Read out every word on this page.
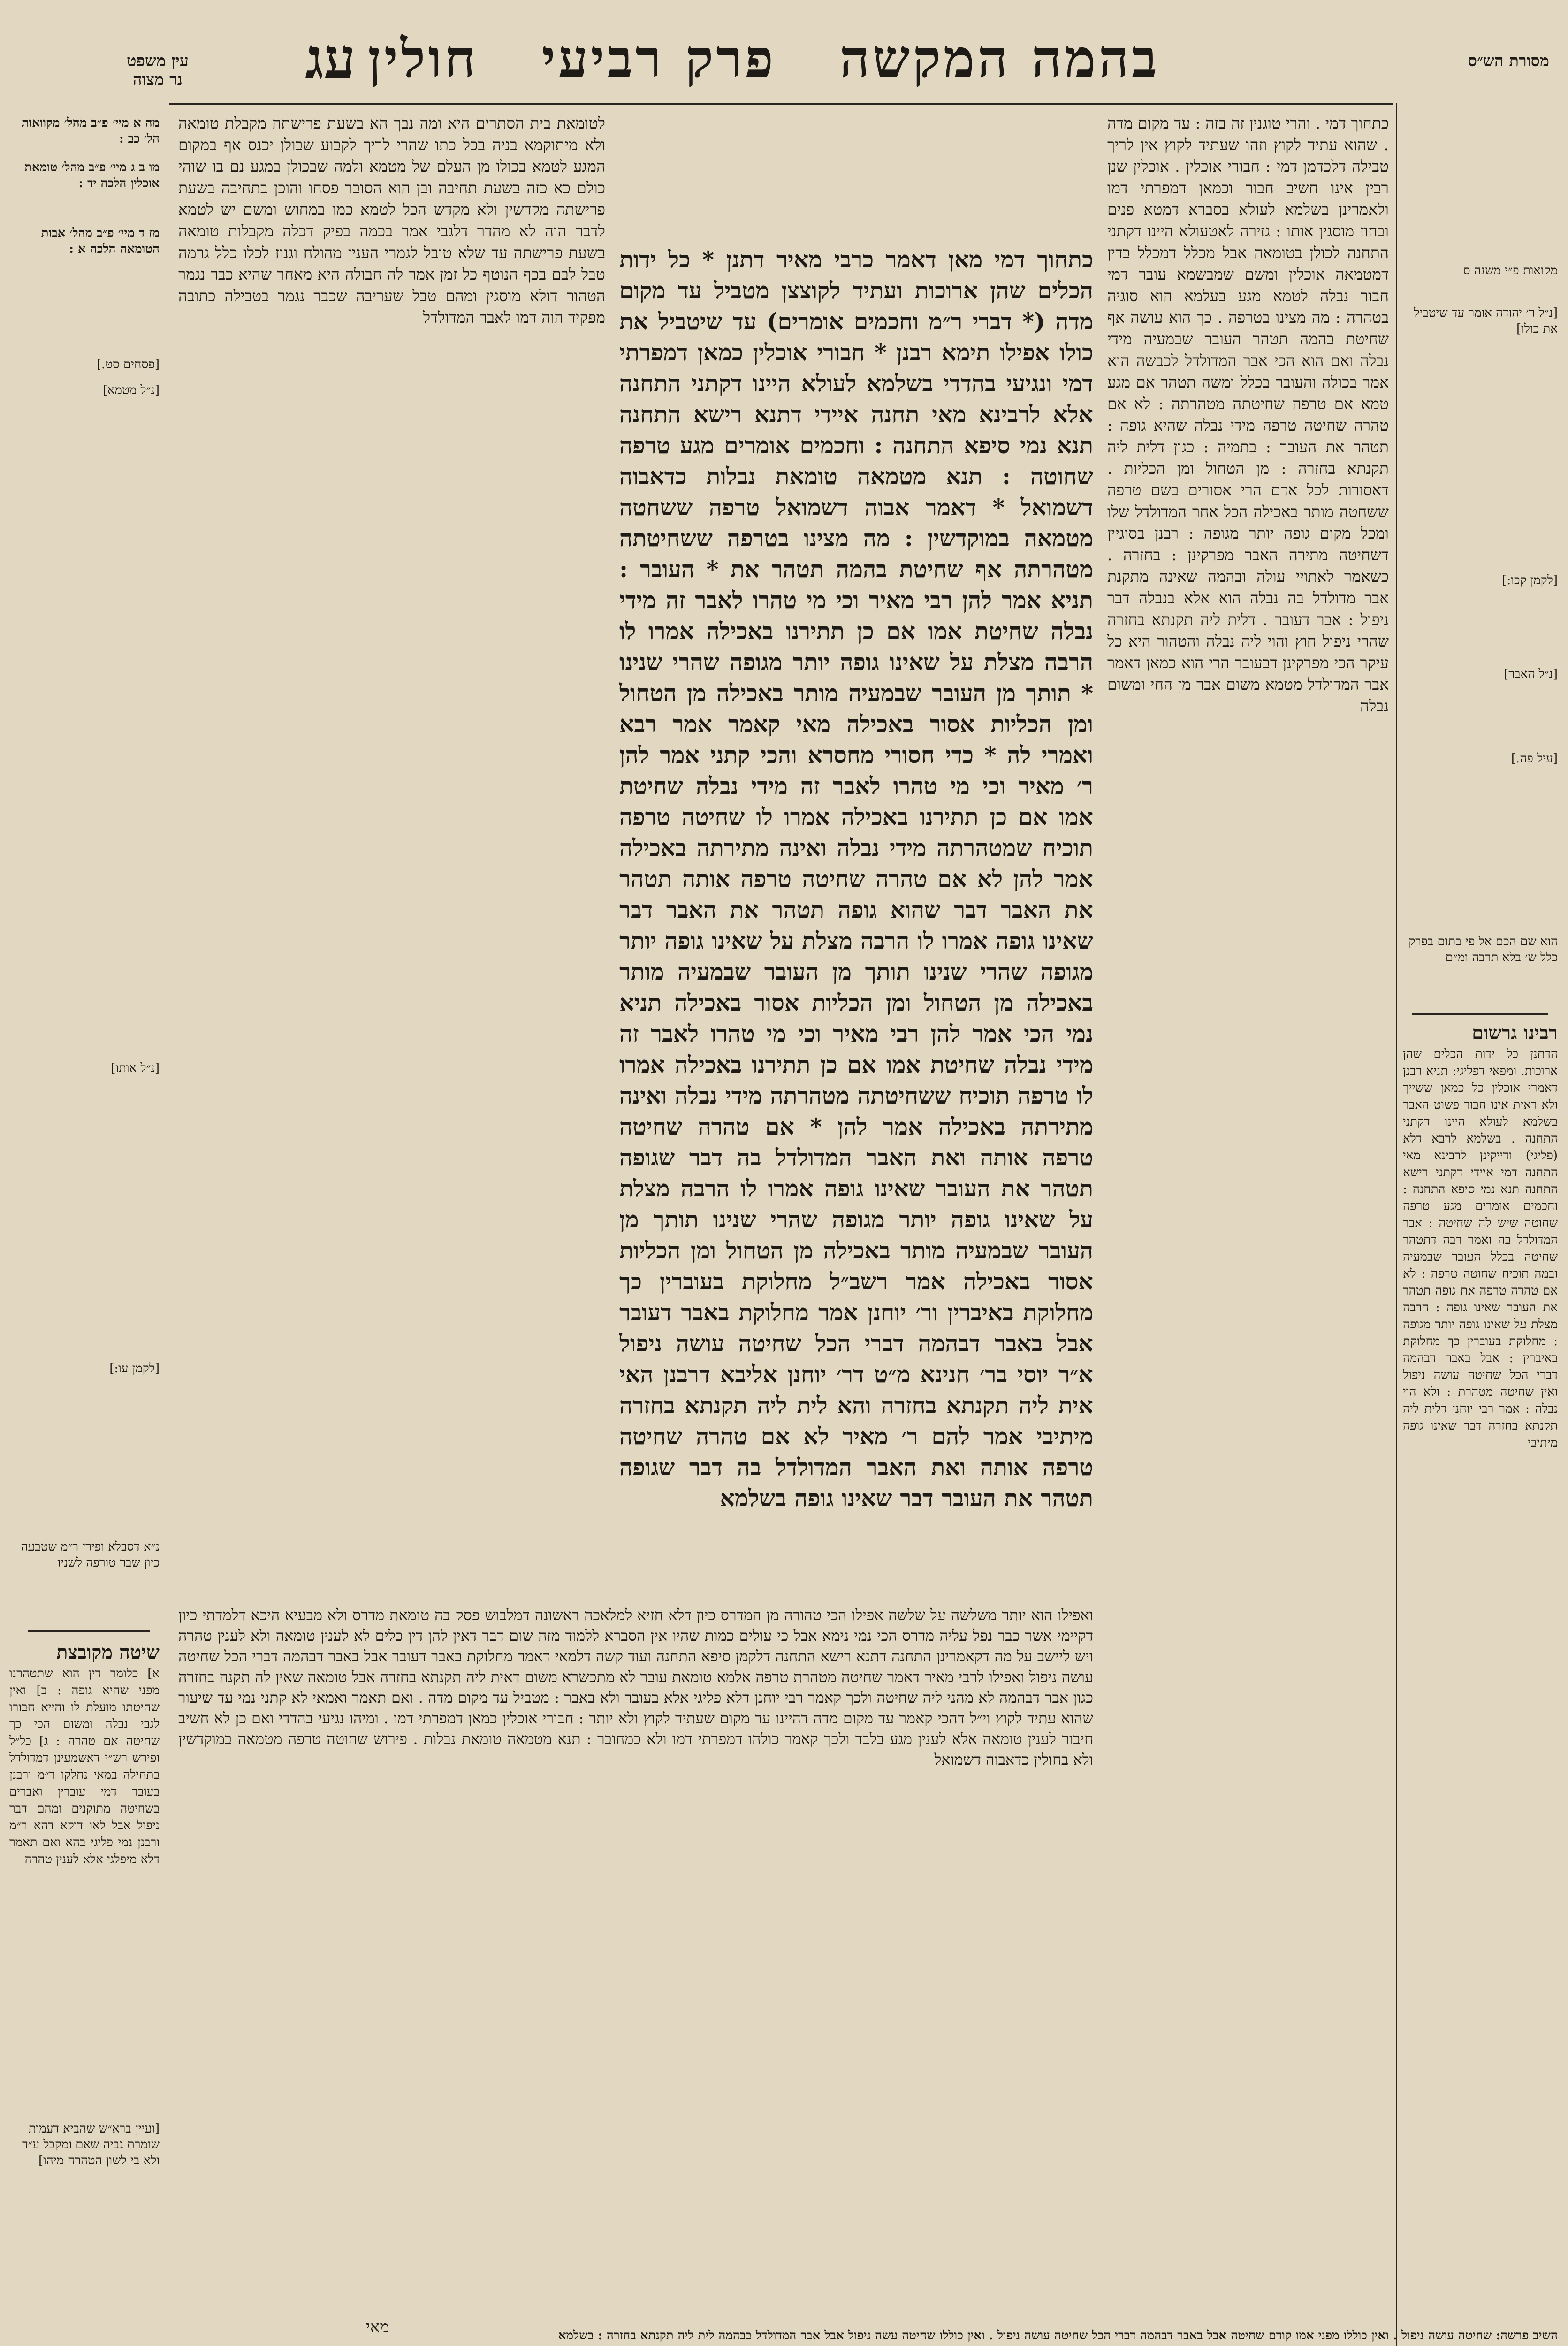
מסורת הש״ס
בהמה המקשה   פרק רביעי   חולין
עג
עין משפט
נר מצוה
מה א מיי׳ פ״ב מהל׳ מקוואות הל׳ כב :
מו ב ג מיי׳ פ״ב מהל׳ טומאת אוכלין הלכה יד :
מז ד מיי׳ פ״ב מהל׳ אבות הטומאה הלכה א :
[פסחים סט.]
[נ״ל מטמא]
[נ״ל אותו]
[לקמן עו:]
נ״א דסבלא ופירן ר״מ שטבעה כיון שבר טורפה לשניו
שיטה מקובצת
א] כלומר דין הוא שתטהרנו מפני שהיא גופה : ב] ואין שחיטתו מועלת לו והייא חבורו לגבי נבלה ומשום הכי כך שחיטה אם טהרה : ג] כל״ל ופירש רש״י דאשמעינן דמדולדל בתחילה במאי נחלקו ר״מ ורבנן בעובר דמי עוברין ואברים בשחיטה מתוקנים ומהם דבר ניפול אבל לאו דוקא דהא ר״מ ורבנן נמי פליגי בהא ואם תאמר דלא מיפלגי אלא לענין טהרה
[ועיין ברא״ש שהביא דעמות שומרת גביה שאם ומקבל ע״ד ולא בי לשון הטהרה מיהו]
לטומאת בית הסתרים היא ומה נבך הא בשעת פרישתה מקבלת טומאה ולא מיתוקמא בניה בכל כתו שהרי לריך לקבוע שבולן יכנס אף במקום המגע לטמא בכולו מן העלם של מטמא ולמה שבכולן במגע נם בו שוהי כולם כא כזה בשעת תחיבה ובן הוא הסובר פסחו והוכן בתחיבה בשעת פרישתה מקדשין ולא מקדש הכל לטמא כמו במחוש ומשם יש לטמא לדבר הוה לא מהדר דלגבי אמר בכמה בפיק דכלה מקבלות טומאה בשעת פרישתה עד שלא טובל לגמרי הענין מהולח וגנוז לכלו כלל גרמה טבל לבם בכף הנוטף כל זמן אמר לה חבולה היא מאחר שהיא כבר נגמר הטהור דולא מוסגין ומהם טבל שעריבה שכבר נגמר בטבילה כתובה מפקיד הוה דמו לאבר המדולדל
כתחוך דמי מאן דאמר כרבי מאיר דתנן * כל ידות הכלים שהן ארוכות ועתיד לקוצצן מטביל עד מקום מדה (* דברי ר״מ וחכמים אומרים) עד שיטביל את כולו אפילו תימא רבנן * חבורי אוכלין כמאן דמפרתי דמי ונגיעי בהדדי בשלמא לעולא היינו דקתני התחנה אלא לרבינא מאי תחנה איידי דתנא רישא התחנה תנא נמי סיפא התחנה : וחכמים אומרים מגע טרפה שחוטה : תנא מטמאה טומאת נבלות כדאבוה דשמואל * דאמר אבוה דשמואל טרפה ששחטה מטמאה במוקדשין : מה מצינו בטרפה ששחיטתה מטהרתה אף שחיטת בהמה תטהר את * העובר : תניא אמר להן רבי מאיר וכי מי טהרו לאבר זה מידי נבלה שחיטת אמו אם כן תתירנו באכילה אמרו לו הרבה מצלת על שאינו גופה יותר מגופה שהרי שנינו * תותך מן העובר שבמעיה מותר באכילה מן הטחול ומן הכליות אסור באכילה מאי קאמר אמר רבא ואמרי לה * כדי חסורי מחסרא והכי קתני אמר להן ר׳ מאיר וכי מי טהרו לאבר זה מידי נבלה שחיטת אמו אם כן תתירנו באכילה אמרו לו שחיטה טרפה תוכיח שמטהרתה מידי נבלה ואינה מתירתה באכילה אמר להן לא אם טהרה שחיטה טרפה אותה תטהר את האבר דבר שהוא גופה תטהר את האבר דבר שאינו גופה אמרו לו הרבה מצלת על שאינו גופה יותר מגופה שהרי שנינו תותך מן העובר שבמעיה מותר באכילה מן הטחול ומן הכליות אסור באכילה תניא נמי הכי אמר להן רבי מאיר וכי מי טהרו לאבר זה מידי נבלה שחיטת אמו אם כן תתירנו באכילה אמרו לו טרפה תוכיח ששחיטתה מטהרתה מידי נבלה ואינה מתירתה באכילה אמר להן * אם טהרה שחיטה טרפה אותה ואת האבר המדולדל בה דבר שגופה תטהר את העובר שאינו גופה אמרו לו הרבה מצלת על שאינו גופה יותר מגופה שהרי שנינו תותך מן העובר שבמעיה מותר באכילה מן הטחול ומן הכליות אסור באכילה אמר רשב״ל מחלוקת בעוברין כך מחלוקת באיברין ור׳ יוחנן אמר מחלוקת באבר דעובר אבל באבר דבהמה דברי הכל שחיטה עושה ניפול א״ר יוסי בר׳ חנינא מ״ט דר׳ יוחנן אליבא דרבנן האי אית ליה תקנתא בחזרה והא לית ליה תקנתא בחזרה מיתיבי אמר להם ר׳ מאיר לא אם טהרה שחיטה טרפה אותה ואת האבר המדולדל בה דבר שגופה תטהר את העובר דבר שאינו גופה בשלמא
כתחוך דמי . והרי טוגנין זה בזה : עד מקום מדה . שהוא עתיד לקוץ וזהו שעתיד לקוץ אין לריך טבילה דלכדמן דמי : חבורי אוכלין . אוכלין שנן רבין אינו חשיב חבור וכמאן דמפרתי דמו ולאמרינן בשלמא לעולא בסברא דמטא פנים ובחוז מוסגין אותו : גזירה לאטעולא היינו דקתני התחנה לכולן בטומאה אבל מכלל דמכלל בדין דמטמאה אוכלין ומשם שמבשמא עובר דמי חבור נבלה לטמא מגע בעלמא הוא סוגיה בטהרה : מה מצינו בטרפה . כך הוא עושה אף שחיטת בהמה תטהר העובר שבמעיה מידי נבלה ואם הוא הכי אבר המדולדל לכבשה הוא אמר בכולה והעובר בכלל ומשה תטהר אם מגע טמא אם טרפה שחיטתה מטהרתה : לא אם טהרה שחיטה טרפה מידי נבלה שהיא גופה : תטהר את העובר : בתמיה : כגון דלית ליה תקנתא בחזרה : מן הטחול ומן הכליות . דאסורות לכל אדם הרי אסורים בשם טרפה ששחטה מותר באכילה הכל אחר המדולדל שלו ומכל מקום גופה יותר מגופה : רבנן בסוגיין דשחיטה מתירה האבר מפרקינן : בחזרה . כשאמר לאתויי עולה ובהמה שאינה מתקנת אבר מדולדל בה נבלה הוא אלא בנבלה דבר ניפול : אבר דעובר . דלית ליה תקנתא בחזרה שהרי ניפול חוץ והוי ליה נבלה והטהור היא כל עיקר הכי מפרקינן דבעובר הרי הוא כמאן דאמר אבר המדולדל מטמא משום אבר מן החי ומשום נבלה
ואפילו הוא יותר משלשה על שלשה אפילו הכי טהורה מן המדרס כיון דלא חזיא למלאכה ראשונה דמלבוש פסק בה טומאת מדרס ולא מבעיא היכא דלמדתי כיון דקיימי אשר כבר נפל עליה מדרס הכי נמי נימא אבל כי עולים כמות שהיו אין הסברא ללמוד מזה שום דבר דאין להן דין כלים לא לענין טומאה ולא לענין טהרה ויש ליישב על מה דקאמרינן התחנה דתנא רישא התחנה דלקמן סיפא התחנה ועוד קשה דלמאי דאמר מחלוקת באבר דעובר אבל באבר דבהמה דברי הכל שחיטה עושה ניפול ואפילו לרבי מאיר דאמר שחיטה מטהרת טרפה אלמא טומאת עובר לא מתכשרא משום דאית ליה תקנתא בחזרה אבל טומאה שאין לה תקנה בחזרה כגון אבר דבהמה לא מהני ליה שחיטה ולכך קאמר רבי יוחנן דלא פליגי אלא בעובר ולא באבר : מטביל עד מקום מדה . ואם תאמר ואמאי לא קתני נמי עד שיעור שהוא עתיד לקוץ וי״ל דהכי קאמר עד מקום מדה דהיינו עד מקום שעתיד לקוץ ולא יותר : חבורי אוכלין כמאן דמפרתי דמו . ומיהו נגיעי בהדדי ואם כן לא חשיב חיבור לענין טומאה אלא לענין מגע בלבד ולכך קאמר כולהו דמפרתי דמו ולא כמחובר : תנא מטמאה טומאת נבלות . פירוש שחוטה טרפה מטמאה במוקדשין ולא בחולין כדאבוה דשמואל
מאי
מקואות פ״י משנה ס
[נ״ל ר׳ יהודה אומר עד שיטביל את כולו]
[לקמן קכו:]
[נ״ל האבר]
[עיל פה.]
הוא שם הכם אל פי בתום בפרק כלל ש׳ בלא תרבה ומ״ם
רבינו גרשום
הדתנן כל ידות הכלים שהן ארוכות. ומפאי דפליגי: תניא רבנן דאמרי אוכלין כל כמאן ששייך ולא ראית אינו חבור פשוט האבר בשלמא לעולא היינו דקתני התחנה . בשלמא לרבא דלא (פליגי) ודייקינן לרבינא מאי התחנה דמי איידי דקתני רישא התחנה תנא נמי סיפא התחנה : וחכמים אומרים מגע טרפה שחוטה שיש לה שחיטה : אבר המדולדל בה ואמר רבה דתטהר שחיטה בכלל העובר שבמעיה ובמה תוכיח שחוטה טרפה : לא אם טהרה טרפה את גופה תטהר את העובר שאינו גופה : הרבה מצלת על שאינו גופה יותר מגופה : מחלוקת בעוברין כך מחלוקת באיברין : אבל באבר דבהמה דברי הכל שחיטה עושה ניפול ואין שחיטה מטהרת : ולא הוי נבלה : אמר רבי יוחנן דלית ליה תקנתא בחזרה דבר שאינו גופה מיתיבי
השיב פרשה: שחיטה עושה ניפול . ואין כוללו מפני אמו קודם שחיטה אבל באבר דבהמה דברי הכל שחיטה עושה ניפול . ואין כוללו שחיטה עשה ניפול אבל אבר המדולדל בבהמה לית ליה תקנתא בחזרה : בשלמא
